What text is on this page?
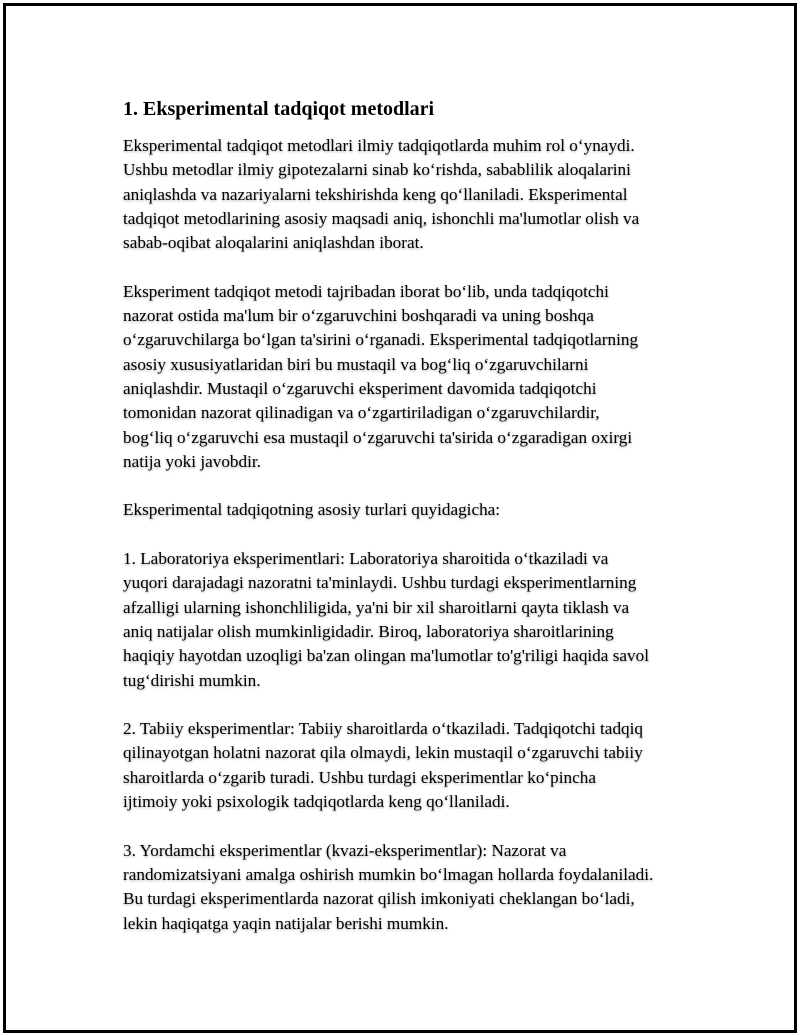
1. Eksperimental tadqiqot metodlari
Eksperimental tadqiqot metodlari ilmiy tadqiqotlarda muhim rol o‘ynaydi.
Ushbu metodlar ilmiy gipotezalarni sinab ko‘rishda, sabablilik aloqalarini
aniqlashda va nazariyalarni tekshirishda keng qo‘llaniladi. Eksperimental
tadqiqot metodlarining asosiy maqsadi aniq, ishonchli ma'lumotlar olish va
sabab-oqibat aloqalarini aniqlashdan iborat.
Eksperiment tadqiqot metodi tajribadan iborat bo‘lib, unda tadqiqotchi
nazorat ostida ma'lum bir o‘zgaruvchini boshqaradi va uning boshqa
o‘zgaruvchilarga bo‘lgan ta'sirini o‘rganadi. Eksperimental tadqiqotlarning
asosiy xususiyatlaridan biri bu mustaqil va bog‘liq o‘zgaruvchilarni
aniqlashdir. Mustaqil o‘zgaruvchi eksperiment davomida tadqiqotchi
tomonidan nazorat qilinadigan va o‘zgartiriladigan o‘zgaruvchilardir,
bog‘liq o‘zgaruvchi esa mustaqil o‘zgaruvchi ta'sirida o‘zgaradigan oxirgi
natija yoki javobdir.
Eksperimental tadqiqotning asosiy turlari quyidagicha:
1. Laboratoriya eksperimentlari: Laboratoriya sharoitida o‘tkaziladi va
yuqori darajadagi nazoratni ta'minlaydi. Ushbu turdagi eksperimentlarning
afzalligi ularning ishonchliligida, ya'ni bir xil sharoitlarni qayta tiklash va
aniq natijalar olish mumkinligidadir. Biroq, laboratoriya sharoitlarining
haqiqiy hayotdan uzoqligi ba'zan olingan ma'lumotlar to'g'riligi haqida savol
tug‘dirishi mumkin.
2. Tabiiy eksperimentlar: Tabiiy sharoitlarda o‘tkaziladi. Tadqiqotchi tadqiq
qilinayotgan holatni nazorat qila olmaydi, lekin mustaqil o‘zgaruvchi tabiiy
sharoitlarda o‘zgarib turadi. Ushbu turdagi eksperimentlar ko‘pincha
ijtimoiy yoki psixologik tadqiqotlarda keng qo‘llaniladi.
3. Yordamchi eksperimentlar (kvazi-eksperimentlar): Nazorat va
randomizatsiyani amalga oshirish mumkin bo‘lmagan hollarda foydalaniladi.
Bu turdagi eksperimentlarda nazorat qilish imkoniyati cheklangan bo‘ladi,
lekin haqiqatga yaqin natijalar berishi mumkin.
